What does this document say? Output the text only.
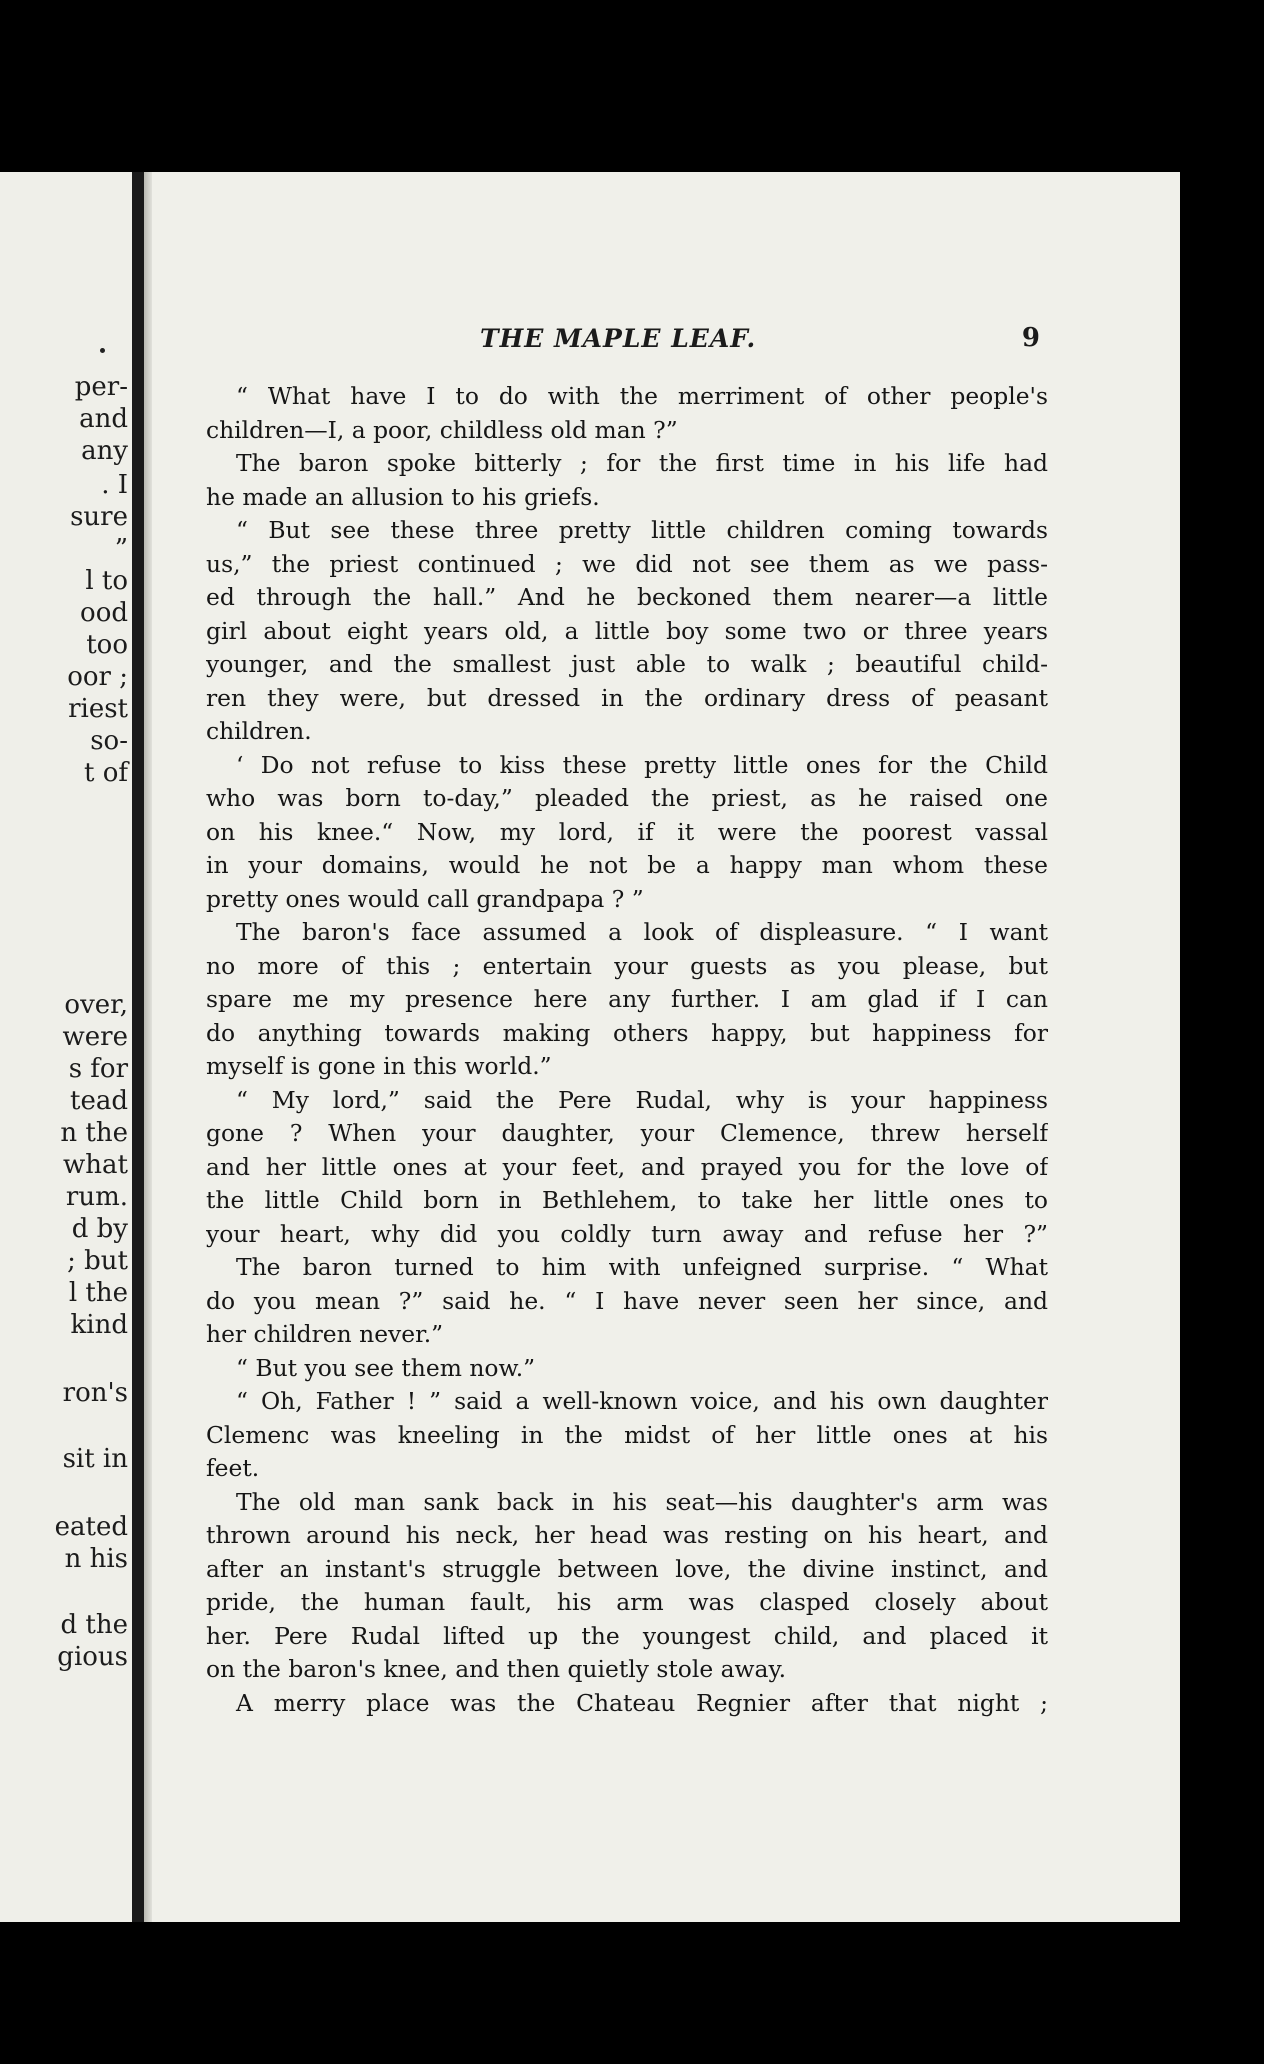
per-
and
any
. I
sure
”
l to
ood
too
oor ;
riest
so-
t of
over,
were
s for
tead
n the
what
rum.
d by
; but
l the
kind
ron's
sit in
eated
n his
d the
gious
THE MAPLE LEAF.	9
“ What have I to do with the merriment of other people's
children—I, a poor, childless old man ?”
The baron spoke bitterly ; for the first time in his life had
he made an allusion to his griefs.
“ But see these three pretty little children coming towards
us,” the priest continued ; we did not see them as we pass-
ed through the hall.” And he beckoned them nearer—a little
girl about eight years old, a little boy some two or three years
younger, and the smallest just able to walk ; beautiful child-
ren they were, but dressed in the ordinary dress of peasant
children.
‘ Do not refuse to kiss these pretty little ones for the Child
who was born to-day,” pleaded the priest, as he raised one
on his knee.“ Now, my lord, if it were the poorest vassal
in your domains, would he not be a happy man whom these
pretty ones would call grandpapa ? ”
The baron's face assumed a look of displeasure. “ I want
no more of this ; entertain your guests as you please, but
spare me my presence here any further. I am glad if I can
do anything towards making others happy, but happiness for
myself is gone in this world.”
“ My lord,” said the Pere Rudal, why is your happiness
gone ? When your daughter, your Clemence, threw herself
and her little ones at your feet, and prayed you for the love of
the little Child born in Bethlehem, to take her little ones to
your heart, why did you coldly turn away and refuse her ?”
The baron turned to him with unfeigned surprise. “ What
do you mean ?” said he. “ I have never seen her since, and
her children never.”
“ But you see them now.”
“ Oh, Father ! ” said a well-known voice, and his own daughter
Clemenc was kneeling in the midst of her little ones at his
feet.
The old man sank back in his seat—his daughter's arm was
thrown around his neck, her head was resting on his heart, and
after an instant's struggle between love, the divine instinct, and
pride, the human fault, his arm was clasped closely about
her. Pere Rudal lifted up the youngest child, and placed it
on the baron's knee, and then quietly stole away.
A merry place was the Chateau Regnier after that night ;
